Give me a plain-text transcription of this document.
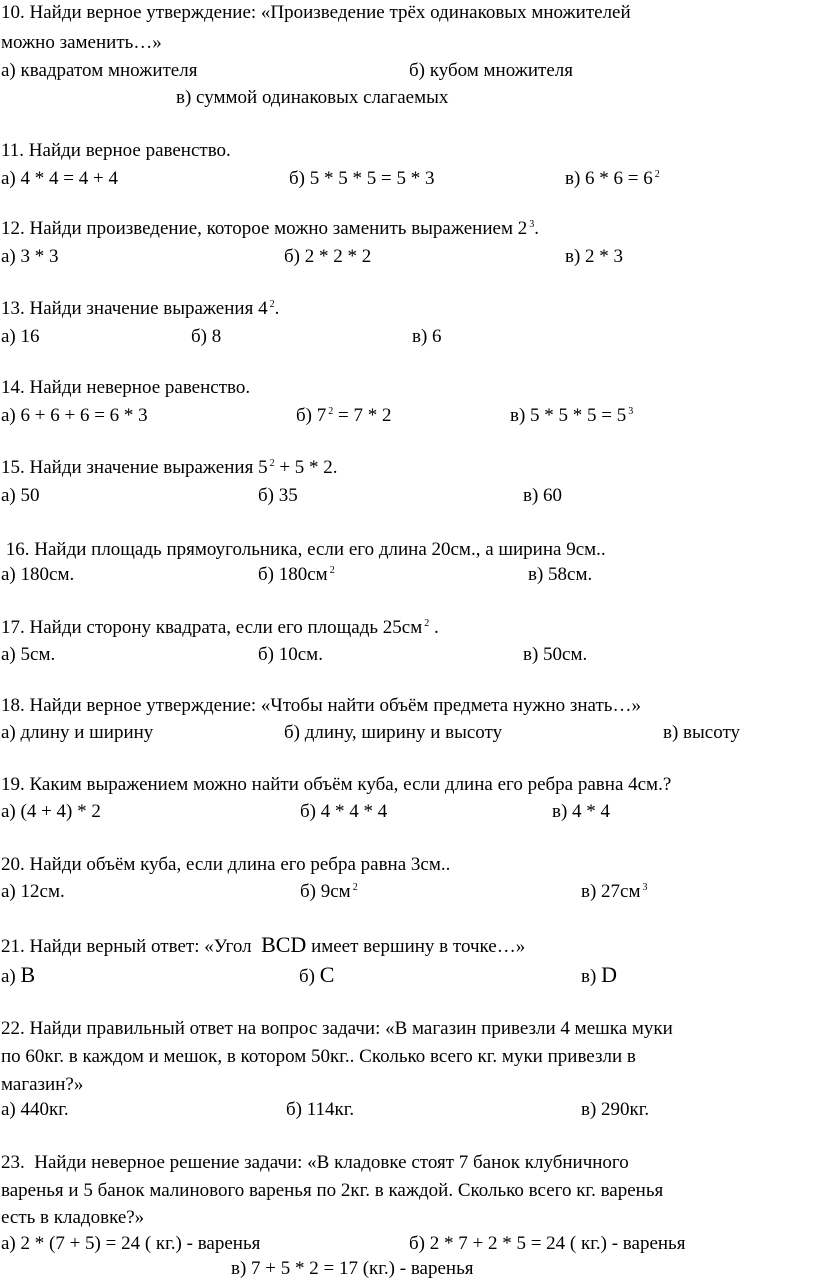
10. Найди верное утверждение: «Произведение трёх одинаковых множителей
можно заменить…»
а) квадратом множителя	б) кубом множителя
в) суммой одинаковых слагаемых
11. Найди верное равенство.
а) 4 * 4 = 4 + 4	б) 5 * 5 * 5 = 5 * 3	в) 6 * 6 = 6 $^2$
12. Найди произведение, которое можно заменить выражением 2 $^3$.
а) 3 * 3	б) 2 * 2 * 2	в) 2 * 3
13. Найди значение выражения 4 $^2$.
а) 16	б) 8	в) 6
14. Найди неверное равенство.
а) 6 + 6 + 6 = 6 * 3	б) 7 $^2$ = 7 * 2	в) 5 * 5 * 5 = 5 $^3$
15. Найди значение выражения 5 $^2$ + 5 * 2.
а) 50	б) 35	в) 60
16. Найди площадь прямоугольника, если его длина 20см., а ширина 9см..
а) 180см.	б) 180см $^2$	в) 58см.
17. Найди сторону квадрата, если его площадь 25см $^2$ .
а) 5см.	б) 10см.	в) 50см.
18. Найди верное утверждение: «Чтобы найти объём предмета нужно знать…»
а) длину и ширину	б) длину, ширину и высоту	в) высоту
19. Каким выражением можно найти объём куба, если длина его ребра равна 4см.?
а) (4 + 4) * 2	б) 4 * 4 * 4	в) 4 * 4
20. Найди объём куба, если длина его ребра равна 3см..
а) 12см.	б) 9см $^2$	в) 27см $^3$
21. Найди верный ответ: «Угол  BCD имеет вершину в точке…»
а) B	б) C	в) D
22. Найди правильный ответ на вопрос задачи: «В магазин привезли 4 мешка муки
по 60кг. в каждом и мешок, в котором 50кг.. Сколько всего кг. муки привезли в
магазин?»
а) 440кг.	б) 114кг.	в) 290кг.
23.  Найди неверное решение задачи: «В кладовке стоят 7 банок клубничного
варенья и 5 банок малинового варенья по 2кг. в каждой. Сколько всего кг. варенья
есть в кладовке?»
а) 2 * (7 + 5) = 24 ( кг.) - варенья	б) 2 * 7 + 2 * 5 = 24 ( кг.) - варенья
в) 7 + 5 * 2 = 17 (кг.) - варенья
